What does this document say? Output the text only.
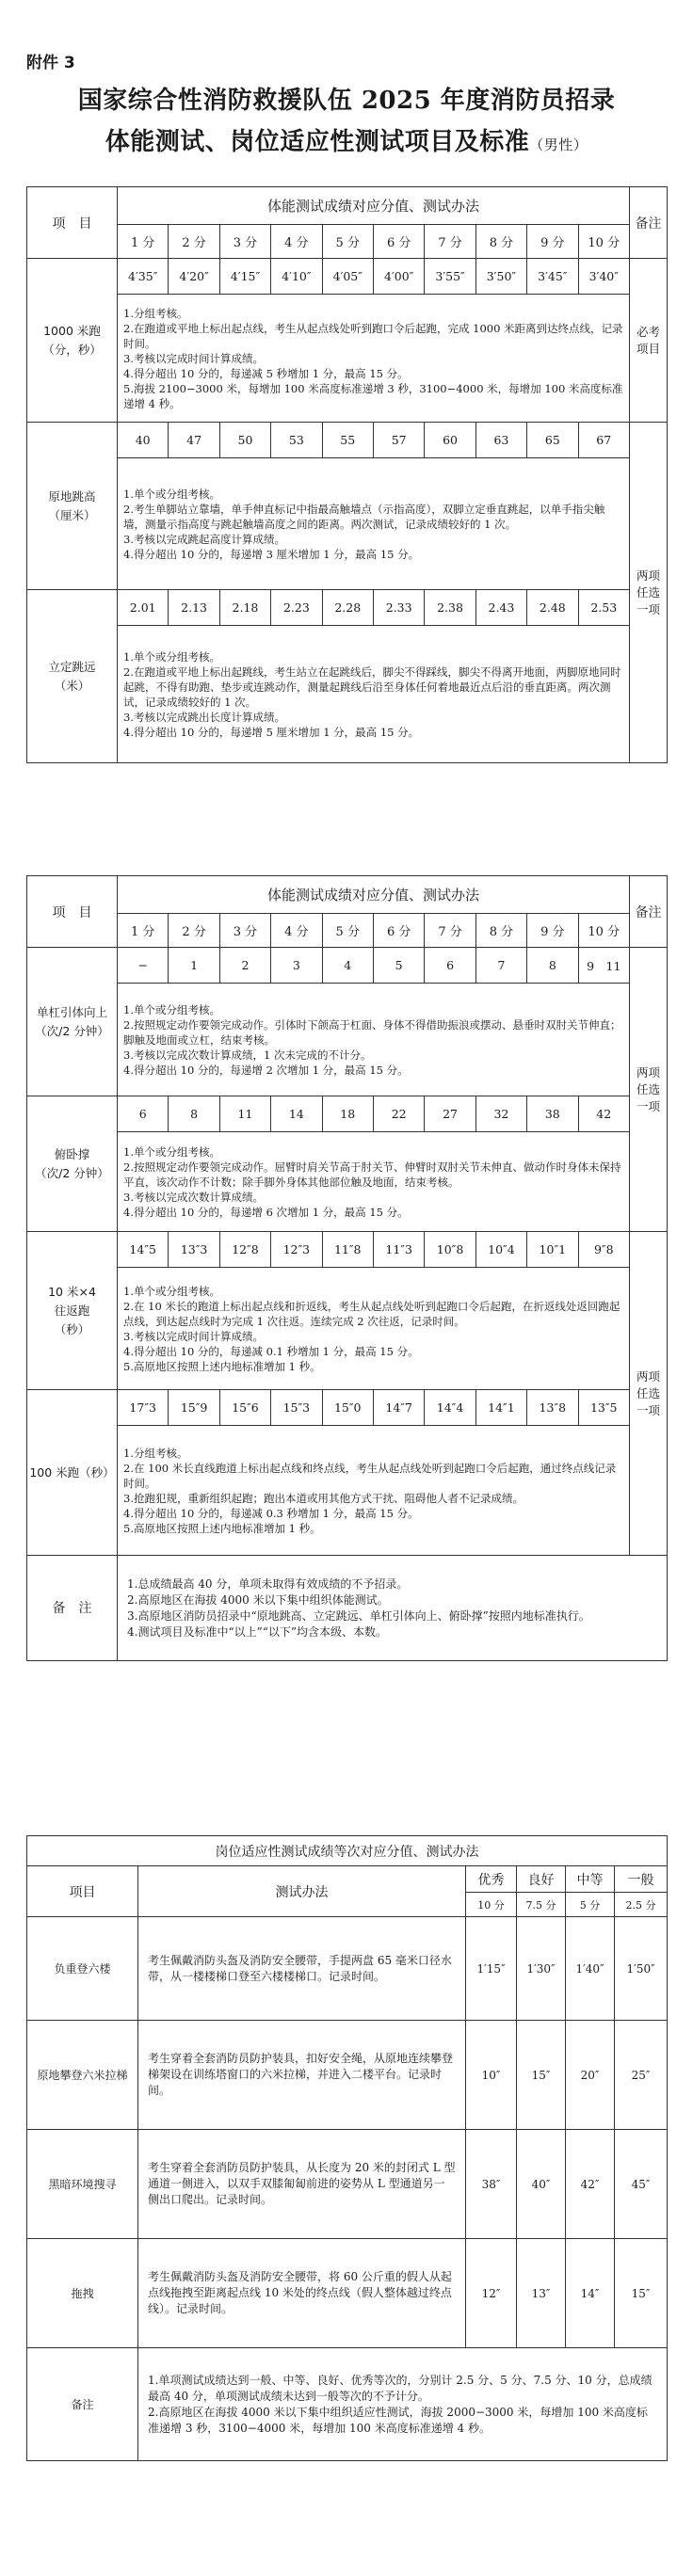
附件 3
国家综合性消防救援队伍 2025 年度消防员招录
体能测试、岗位适应性测试项目及标准（男性）
项　目	体能测试成绩对应分值、测试办法										备注
	1 分	2 分	3 分	4 分	5 分	6 分	7 分	8 分	9 分	10 分	
1000 米跑
（分，秒）	4′35″	4′20″	4′15″	4′10″	4′05″	4′00″	3′55″	3′50″	3′45″	3′40″	必考项目
	1.分组考核。
2.在跑道或平地上标出起点线，考生从起点线处听到跑口令后起跑，完成 1000 米距离到达终点线，记录时间。
3.考核以完成时间计算成绩。
4.得分超出 10 分的，每递减 5 秒增加 1 分，最高 15 分。
5.海拔 2100−3000 米，每增加 100 米高度标准递增 3 秒，3100−4000 米，每增加 100 米高度标准递增 4 秒。										
原地跳高
（厘米）	40	47	50	53	55	57	60	63	65	67	两项任选一项
	1.单个或分组考核。
2.考生单脚站立靠墙，单手伸直标记中指最高触墙点（示指高度），双脚立定垂直跳起，以单手指尖触墙，测量示指高度与跳起触墙高度之间的距离。两次测试，记录成绩较好的 1 次。
3.考核以完成跳起高度计算成绩。
4.得分超出 10 分的，每递增 3 厘米增加 1 分，最高 15 分。										
立定跳远
（米）	2.01	2.13	2.18	2.23	2.28	2.33	2.38	2.43	2.48	2.53	
	1.单个或分组考核。
2.在跑道或平地上标出起跳线，考生站立在起跳线后，脚尖不得踩线，脚尖不得离开地面，两脚原地同时起跳，不得有助跑、垫步或连跳动作，测量起跳线后沿至身体任何着地最近点后沿的垂直距离。两次测试，记录成绩较好的 1 次。
3.考核以完成跳出长度计算成绩。
4.得分超出 10 分的，每递增 5 厘米增加 1 分，最高 15 分。										
项　目	体能测试成绩对应分值、测试办法										备注
	1 分	2 分	3 分	4 分	5 分	6 分	7 分	8 分	9 分	10 分	
单杠引体向上
（次/2 分钟）	−	1	2	3	4	5	6	7	8	9　 11	两项任选一项
	1.单个或分组考核。
2.按照规定动作要领完成动作。引体时下颌高于杠面、身体不得借助振浪或摆动、悬垂时双肘关节伸直；脚触及地面或立杠，结束考核。
3.考核以完成次数计算成绩，1 次未完成的不计分。
4.得分超出 10 分的，每递增 2 次增加 1 分，最高 15 分。										
俯卧撑
（次/2 分钟）	6	8	11	14	18	22	27	32	38	42	
	1.单个或分组考核。
2.按照规定动作要领完成动作。屈臂时肩关节高于肘关节、伸臂时双肘关节未伸直、做动作时身体未保持平直，该次动作不计数；除手脚外身体其他部位触及地面，结束考核。
3.考核以完成次数计算成绩。
4.得分超出 10 分的，每递增 6 次增加 1 分，最高 15 分。										
10 米×4
往返跑
（秒）	14″5	13″3	12″8	12″3	11″8	11″3	10″8	10″4	10″1	9″8	两项任选一项
	1.单个或分组考核。
2.在 10 米长的跑道上标出起点线和折返线，考生从起点线处听到起跑口令后起跑，在折返线处返回跑起点线，到达起点线时为完成 1 次往返。连续完成 2 次往返，记录时间。
3.考核以完成时间计算成绩。
4.得分超出 10 分的，每递减 0.1 秒增加 1 分，最高 15 分。
5.高原地区按照上述内地标准增加 1 秒。										
100 米跑（秒）	17″3	15″9	15″6	15″3	15″0	14″7	14″4	14″1	13″8	13″5	
	1.分组考核。
2.在 100 米长直线跑道上标出起点线和终点线，考生从起点线处听到起跑口令后起跑，通过终点线记录时间。
3.抢跑犯规，重新组织起跑；跑出本道或用其他方式干扰、阻碍他人者不记录成绩。
4.得分超出 10 分的，每递减 0.3 秒增加 1 分，最高 15 分。
5.高原地区按照上述内地标准增加 1 秒。										
备　注	1.总成绩最高 40 分，单项未取得有效成绩的不予招录。
2.高原地区在海拔 4000 米以下集中组织体能测试。
3.高原地区消防员招录中“原地跳高、立定跳远、单杠引体向上、俯卧撑”按照内地标准执行。
4.测试项目及标准中“以上”“以下”均含本级、本数。										
岗位适应性测试成绩等次对应分值、测试办法					
项目	测试办法	优秀	良好	中等	一般
		10 分	7.5 分	5 分	2.5 分
负重登六楼	考生佩戴消防头盔及消防安全腰带，手提两盘 65 毫米口径水带，从一楼楼梯口登至六楼楼梯口。记录时间。	1′15″	1′30″	1′40″	1′50″
原地攀登六米拉梯	考生穿着全套消防员防护装具，扣好安全绳，从原地连续攀登梯架设在训练塔窗口的六米拉梯，并进入二楼平台。记录时间。	10″	15″	20″	25″
黑暗环境搜寻	考生穿着全套消防员防护装具，从长度为 20 米的封闭式 L 型通道一侧进入，以双手双膝匍匐前进的姿势从 L 型通道另一侧出口爬出。记录时间。	38″	40″	42″	45″
拖拽	考生佩戴消防头盔及消防安全腰带，将 60 公斤重的假人从起点线拖拽至距离起点线 10 米处的终点线（假人整体越过终点线）。记录时间。	12″	13″	14″	15″
备注	1.单项测试成绩达到一般、中等、良好、优秀等次的，分别计 2.5 分、5 分、7.5 分、10 分，总成绩最高 40 分，单项测试成绩未达到一般等次的不予计分。
2.高原地区在海拔 4000 米以下集中组织适应性测试，海拔 2000−3000 米，每增加 100 米高度标准递增 3 秒，3100−4000 米，每增加 100 米高度标准递增 4 秒。				
